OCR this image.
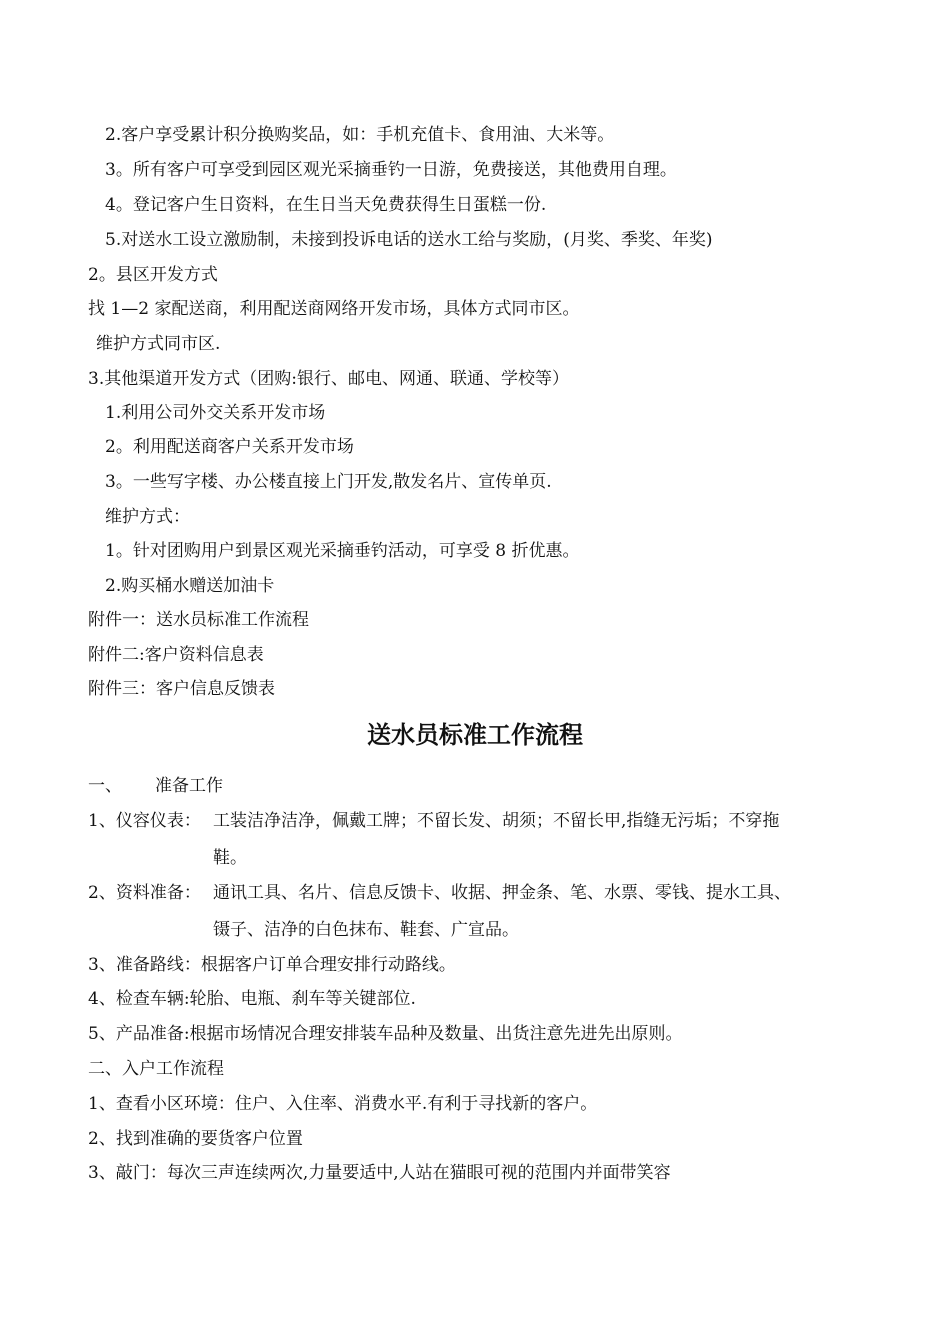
2.客户享受累计积分换购奖品，如：手机充值卡、食用油、大米等。
3。所有客户可享受到园区观光采摘垂钓一日游，免费接送，其他费用自理。
4。登记客户生日资料，在生日当天免费获得生日蛋糕一份.
5.对送水工设立激励制，未接到投诉电话的送水工给与奖励，(月奖、季奖、年奖)
2。县区开发方式
找 1—2 家配送商，利用配送商网络开发市场，具体方式同市区。
维护方式同市区.
3.其他渠道开发方式（团购:银行、邮电、网通、联通、学校等）
1.利用公司外交关系开发市场
2。利用配送商客户关系开发市场
3。一些写字楼、办公楼直接上门开发,散发名片、宣传单页.
维护方式：
1。针对团购用户到景区观光采摘垂钓活动，可享受 8 折优惠。
2.购买桶水赠送加油卡
附件一：送水员标准工作流程
附件二:客户资料信息表
附件三：客户信息反馈表
送水员标准工作流程
一、 准备工作
1、仪容仪表： 工装洁净洁净，佩戴工牌；不留长发、胡须；不留长甲,指缝无污垢；不穿拖
鞋。
2、资料准备： 通讯工具、名片、信息反馈卡、收据、押金条、笔、水票、零钱、提水工具、
镊子、洁净的白色抹布、鞋套、广宣品。
3、准备路线：根据客户订单合理安排行动路线。
4、检查车辆:轮胎、电瓶、刹车等关键部位.
5、产品准备:根据市场情况合理安排装车品种及数量、出货注意先进先出原则。
二、入户工作流程
1、查看小区环境：住户、入住率、消费水平.有利于寻找新的客户。
2、找到准确的要货客户位置
3、敲门：每次三声连续两次,力量要适中,人站在猫眼可视的范围内并面带笑容
